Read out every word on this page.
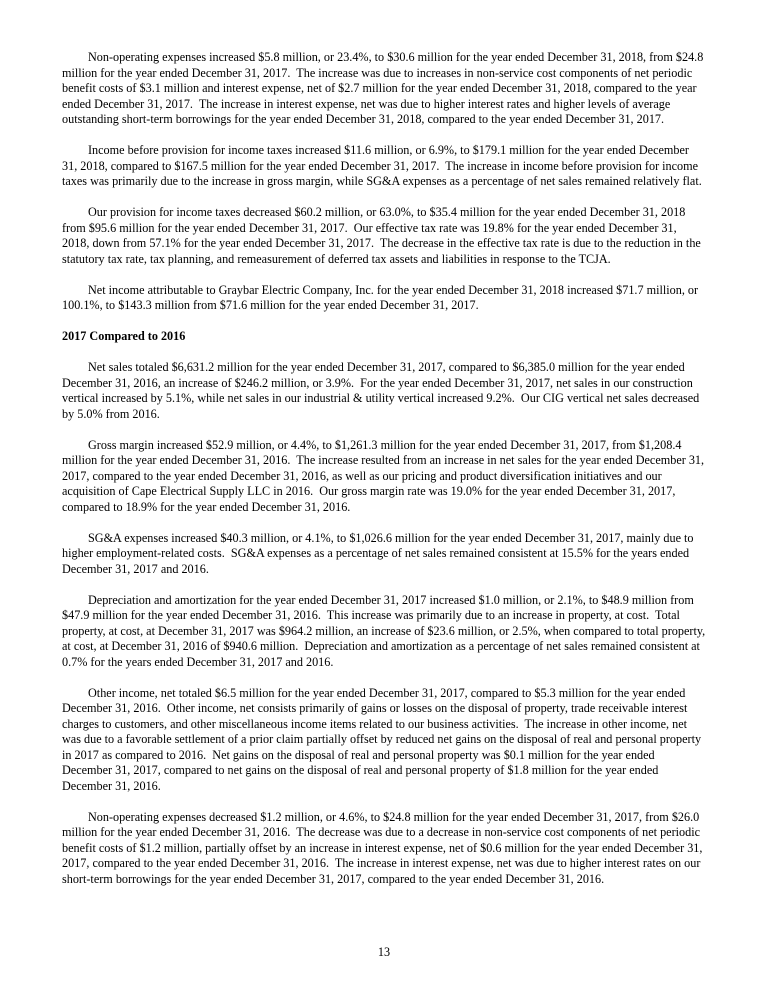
Non-operating expenses increased $5.8 million, or 23.4%, to $30.6 million for the year ended December 31, 2018, from $24.8 million for the year ended December 31, 2017.  The increase was due to increases in non-service cost components of net periodic benefit costs of $3.1 million and interest expense, net of $2.7 million for the year ended December 31, 2018, compared to the year ended December 31, 2017.  The increase in interest expense, net was due to higher interest rates and higher levels of average outstanding short-term borrowings for the year ended December 31, 2018, compared to the year ended December 31, 2017.

Income before provision for income taxes increased $11.6 million, or 6.9%, to $179.1 million for the year ended December 31, 2018, compared to $167.5 million for the year ended December 31, 2017.  The increase in income before provision for income taxes was primarily due to the increase in gross margin, while SG&A expenses as a percentage of net sales remained relatively flat.

Our provision for income taxes decreased $60.2 million, or 63.0%, to $35.4 million for the year ended December 31, 2018 from $95.6 million for the year ended December 31, 2017.  Our effective tax rate was 19.8% for the year ended December 31, 2018, down from 57.1% for the year ended December 31, 2017.  The decrease in the effective tax rate is due to the reduction in the statutory tax rate, tax planning, and remeasurement of deferred tax assets and liabilities in response to the TCJA.

Net income attributable to Graybar Electric Company, Inc. for the year ended December 31, 2018 increased $71.7 million, or 100.1%, to $143.3 million from $71.6 million for the year ended December 31, 2017.

2017 Compared to 2016

Net sales totaled $6,631.2 million for the year ended December 31, 2017, compared to $6,385.0 million for the year ended December 31, 2016, an increase of $246.2 million, or 3.9%.  For the year ended December 31, 2017, net sales in our construction vertical increased by 5.1%, while net sales in our industrial & utility vertical increased 9.2%.  Our CIG vertical net sales decreased by 5.0% from 2016.

Gross margin increased $52.9 million, or 4.4%, to $1,261.3 million for the year ended December 31, 2017, from $1,208.4 million for the year ended December 31, 2016.  The increase resulted from an increase in net sales for the year ended December 31, 2017, compared to the year ended December 31, 2016, as well as our pricing and product diversification initiatives and our acquisition of Cape Electrical Supply LLC in 2016.  Our gross margin rate was 19.0% for the year ended December 31, 2017, compared to 18.9% for the year ended December 31, 2016.

SG&A expenses increased $40.3 million, or 4.1%, to $1,026.6 million for the year ended December 31, 2017, mainly due to higher employment-related costs.  SG&A expenses as a percentage of net sales remained consistent at 15.5% for the years ended December 31, 2017 and 2016.

Depreciation and amortization for the year ended December 31, 2017 increased $1.0 million, or 2.1%, to $48.9 million from $47.9 million for the year ended December 31, 2016.  This increase was primarily due to an increase in property, at cost.  Total property, at cost, at December 31, 2017 was $964.2 million, an increase of $23.6 million, or 2.5%, when compared to total property, at cost, at December 31, 2016 of $940.6 million.  Depreciation and amortization as a percentage of net sales remained consistent at 0.7% for the years ended December 31, 2017 and 2016.

Other income, net totaled $6.5 million for the year ended December 31, 2017, compared to $5.3 million for the year ended December 31, 2016.  Other income, net consists primarily of gains or losses on the disposal of property, trade receivable interest charges to customers, and other miscellaneous income items related to our business activities.  The increase in other income, net was due to a favorable settlement of a prior claim partially offset by reduced net gains on the disposal of real and personal property in 2017 as compared to 2016.  Net gains on the disposal of real and personal property was $0.1 million for the year ended December 31, 2017, compared to net gains on the disposal of real and personal property of $1.8 million for the year ended December 31, 2016.

Non-operating expenses decreased $1.2 million, or 4.6%, to $24.8 million for the year ended December 31, 2017, from $26.0 million for the year ended December 31, 2016.  The decrease was due to a decrease in non-service cost components of net periodic benefit costs of $1.2 million, partially offset by an increase in interest expense, net of $0.6 million for the year ended December 31, 2017, compared to the year ended December 31, 2016.  The increase in interest expense, net was due to higher interest rates on our short-term borrowings for the year ended December 31, 2017, compared to the year ended December 31, 2016.

13
